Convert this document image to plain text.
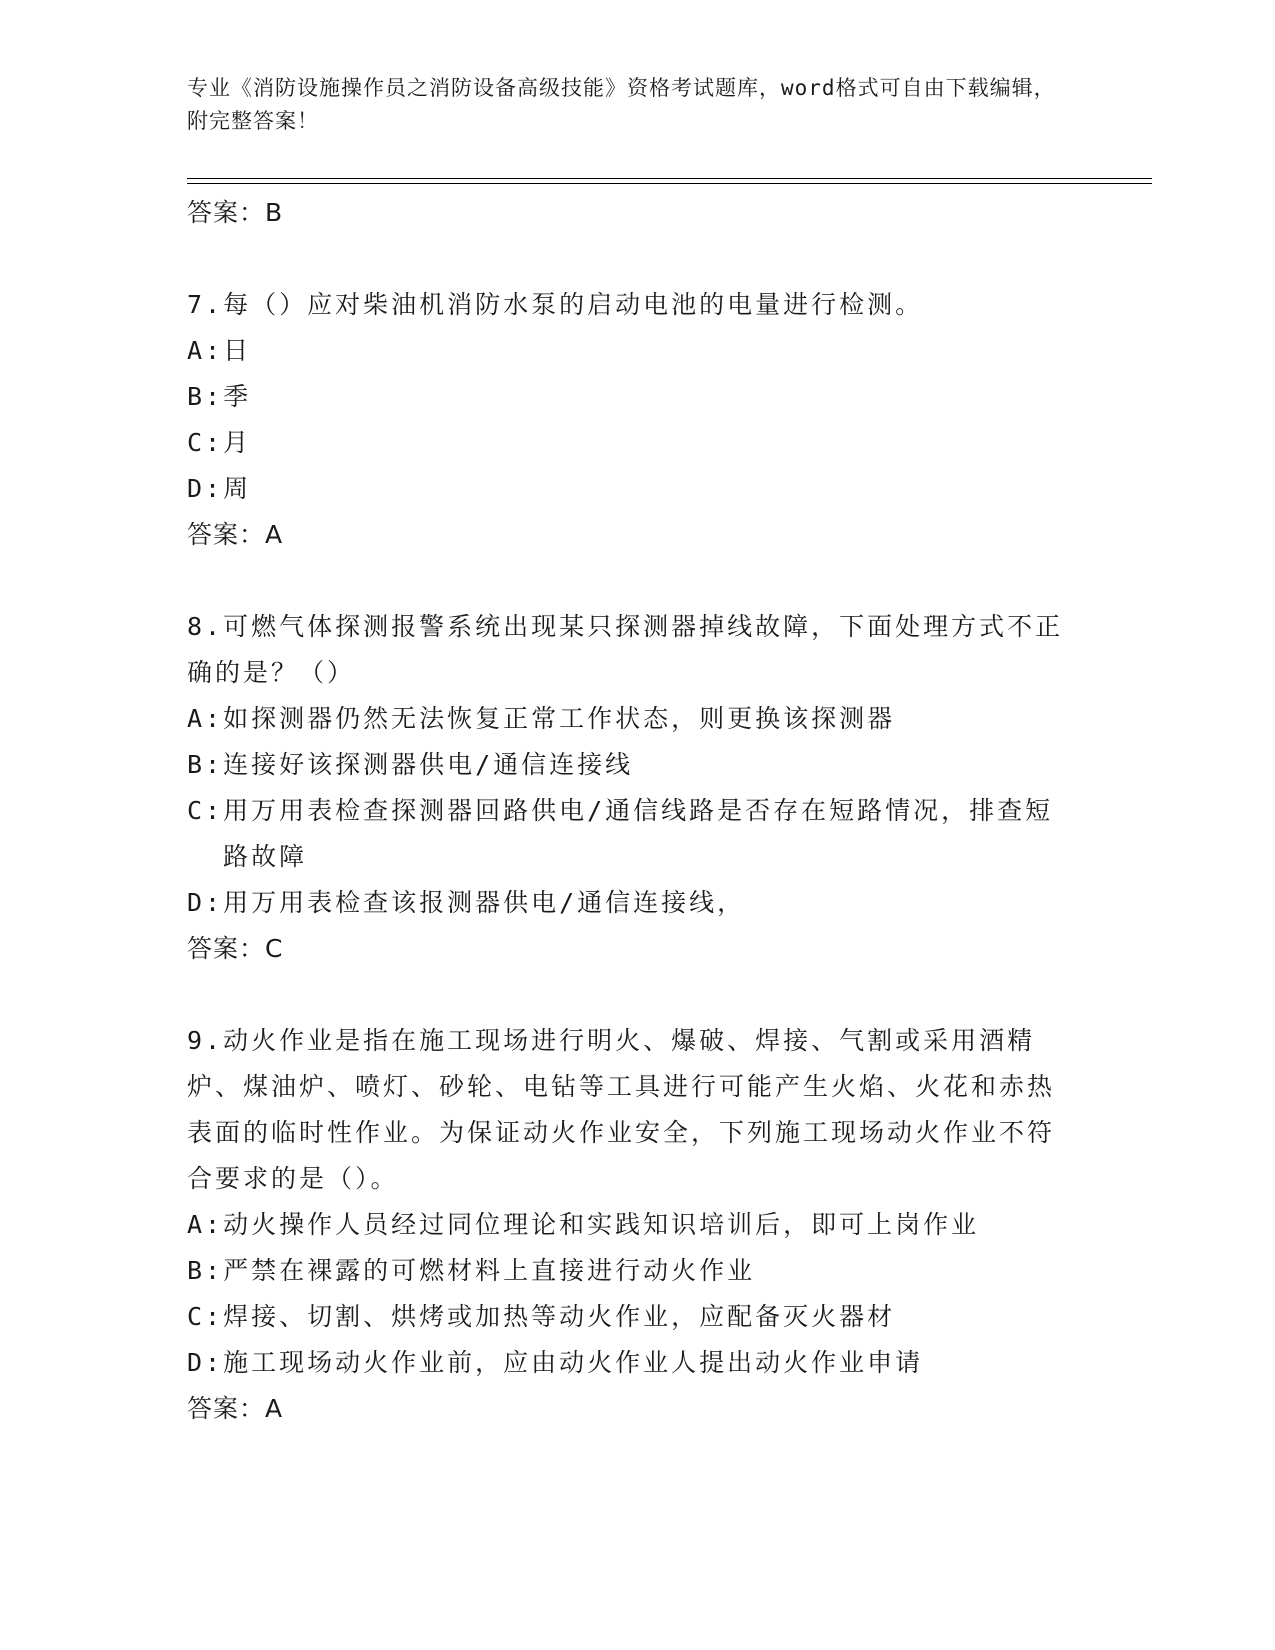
专业《消防设施操作员之消防设备高级技能》资格考试题库，word格式可自由下载编辑，附完整答案！
答案：B
7.每（）应对柴油机消防水泵的启动电池的电量进行检测。
A: 日
B: 季
C: 月
D: 周
答案：A
8.可燃气体探测报警系统出现某只探测器掉线故障，下面处理方式不正确的是？（）
A: 如探测器仍然无法恢复正常工作状态，则更换该探测器
B: 连接好该探测器供电/通信连接线
C: 用万用表检查探测器回路供电/通信线路是否存在短路情况，排查短路故障
D: 用万用表检查该报测器供电/通信连接线，
答案：C
9.动火作业是指在施工现场进行明火、爆破、焊接、气割或采用酒精炉、煤油炉、喷灯、砂轮、电钻等工具进行可能产生火焰、火花和赤热表面的临时性作业。为保证动火作业安全，下列施工现场动火作业不符合要求的是（）。
A: 动火操作人员经过同位理论和实践知识培训后，即可上岗作业
B: 严禁在裸露的可燃材料上直接进行动火作业
C: 焊接、切割、烘烤或加热等动火作业，应配备灭火器材
D: 施工现场动火作业前，应由动火作业人提出动火作业申请
答案：A
